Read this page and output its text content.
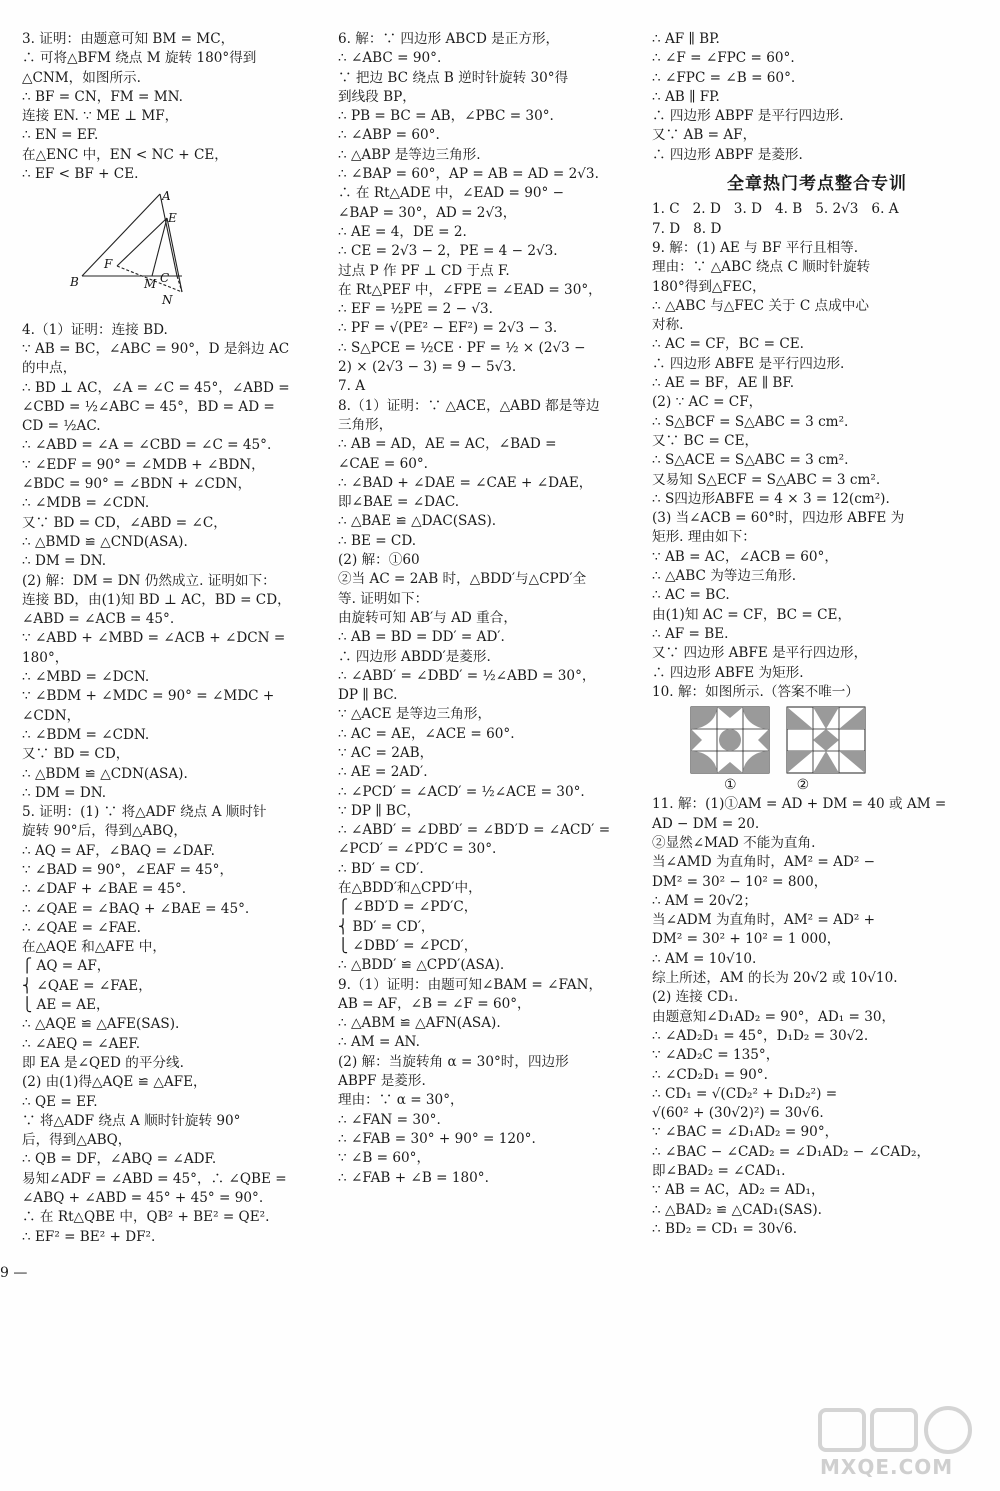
3. 证明：由题意可知 BM = MC，
∴ 可将△BFM 绕点 M 旋转 180°得到
△CNM，如图所示.
∴ BF = CN，FM = MN.
连接 EN. ∵ ME ⊥ MF，
∴ EN = EF.
在△ENC 中，EN < NC + CE，
∴ EF < BF + CE.
A
E
F
B	M C
N
4.（1）证明：连接 BD.
∵ AB = BC，∠ABC = 90°，D 是斜边 AC
的中点，
∴ BD ⊥ AC，∠A = ∠C = 45°，∠ABD =
∠CBD = ½∠ABC = 45°，BD = AD =
CD = ½AC.
∴ ∠ABD = ∠A = ∠CBD = ∠C = 45°.
∵ ∠EDF = 90° = ∠MDB + ∠BDN，
∠BDC = 90° = ∠BDN + ∠CDN，
∴ ∠MDB = ∠CDN.
又∵ BD = CD，∠ABD = ∠C，
∴ △BMD ≌ △CND(ASA).
∴ DM = DN.
(2) 解：DM = DN 仍然成立. 证明如下：
连接 BD，由(1)知 BD ⊥ AC，BD = CD，
∠ABD = ∠ACB = 45°.
∵ ∠ABD + ∠MBD = ∠ACB + ∠DCN =
180°，
∴ ∠MBD = ∠DCN.
∵ ∠BDM + ∠MDC = 90° = ∠MDC +
∠CDN，
∴ ∠BDM = ∠CDN.
又∵ BD = CD，
∴ △BDM ≌ △CDN(ASA).
∴ DM = DN.
5. 证明：(1) ∵ 将△ADF 绕点 A 顺时针
旋转 90°后，得到△ABQ，
∴ AQ = AF，∠BAQ = ∠DAF.
∵ ∠BAD = 90°，∠EAF = 45°，
∴ ∠DAF + ∠BAE = 45°.
∴ ∠QAE = ∠BAQ + ∠BAE = 45°.
∴ ∠QAE = ∠FAE.
在△AQE 和△AFE 中，
⎧ AQ = AF，
⎨ ∠QAE = ∠FAE，
⎩ AE = AE，
∴ △AQE ≌ △AFE(SAS).
∴ ∠AEQ = ∠AEF.
即 EA 是∠QED 的平分线.
(2) 由(1)得△AQE ≌ △AFE，
∴ QE = EF.
∵ 将△ADF 绕点 A 顺时针旋转 90°
后，得到△ABQ，
∴ QB = DF，∠ABQ = ∠ADF.
易知∠ADF = ∠ABD = 45°，∴ ∠QBE =
∠ABQ + ∠ABD = 45° + 45° = 90°.
∴ 在 Rt△QBE 中，QB² + BE² = QE².
∴ EF² = BE² + DF².
6. 解：∵ 四边形 ABCD 是正方形，
∴ ∠ABC = 90°.
∵ 把边 BC 绕点 B 逆时针旋转 30°得
到线段 BP，
∴ PB = BC = AB，∠PBC = 30°.
∴ ∠ABP = 60°.
∴ △ABP 是等边三角形.
∴ ∠BAP = 60°，AP = AB = AD = 2√3.
∴ 在 Rt△ADE 中，∠EAD = 90° −
∠BAP = 30°，AD = 2√3，
∴ AE = 4，DE = 2.
∴ CE = 2√3 − 2，PE = 4 − 2√3.
过点 P 作 PF ⊥ CD 于点 F.
在 Rt△PEF 中，∠FPE = ∠EAD = 30°，
∴ EF = ½PE = 2 − √3.
∴ PF = √(PE² − EF²) = 2√3 − 3.
∴ S△PCE = ½CE · PF = ½ × (2√3 −
2) × (2√3 − 3) = 9 − 5√3.
7. A
8.（1）证明：∵ △ACE，△ABD 都是等边
三角形，
∴ AB = AD，AE = AC，∠BAD =
∠CAE = 60°.
∴ ∠BAD + ∠DAE = ∠CAE + ∠DAE，
即∠BAE = ∠DAC.
∴ △BAE ≌ △DAC(SAS).
∴ BE = CD.
(2) 解：①60
②当 AC = 2AB 时，△BDD′与△CPD′全
等. 证明如下：
由旋转可知 AB′与 AD 重合，
∴ AB = BD = DD′ = AD′.
∴ 四边形 ABDD′是菱形.
∴ ∠ABD′ = ∠DBD′ = ½∠ABD = 30°，
DP ∥ BC.
∵ △ACE 是等边三角形，
∴ AC = AE，∠ACE = 60°.
∵ AC = 2AB，
∴ AE = 2AD′.
∴ ∠PCD′ = ∠ACD′ = ½∠ACE = 30°.
∵ DP ∥ BC，
∴ ∠ABD′ = ∠DBD′ = ∠BD′D = ∠ACD′ =
∠PCD′ = ∠PD′C = 30°.
∴ BD′ = CD′.
在△BDD′和△CPD′中，
⎧ ∠BD′D = ∠PD′C，
⎨ BD′ = CD′，
⎩ ∠DBD′ = ∠PCD′，
∴ △BDD′ ≌ △CPD′(ASA).
9.（1）证明：由题可知∠BAM = ∠FAN，
AB = AF，∠B = ∠F = 60°，
∴ △ABM ≌ △AFN(ASA).
∴ AM = AN.
(2) 解：当旋转角 α = 30°时，四边形
ABPF 是菱形.
理由：∵ α = 30°，
∴ ∠FAN = 30°.
∴ ∠FAB = 30° + 90° = 120°.
∵ ∠B = 60°，
∴ ∠FAB + ∠B = 180°.
∴ AF ∥ BP.
∴ ∠F = ∠FPC = 60°.
∴ ∠FPC = ∠B = 60°.
∴ AB ∥ FP.
∴ 四边形 ABPF 是平行四边形.
又∵ AB = AF，
∴ 四边形 ABPF 是菱形.
全章热门考点整合专训
1. C   2. D   3. D   4. B   5. 2√3   6. A
7. D   8. D
9. 解：(1) AE 与 BF 平行且相等.
理由：∵ △ABC 绕点 C 顺时针旋转
180°得到△FEC，
∴ △ABC 与△FEC 关于 C 点成中心
对称.
∴ AC = CF，BC = CE.
∴ 四边形 ABFE 是平行四边形.
∴ AE = BF，AE ∥ BF.
(2) ∵ AC = CF，
∴ S△BCF = S△ABC = 3 cm².
又∵ BC = CE，
∴ S△ACE = S△ABC = 3 cm².
又易知 S△ECF = S△ABC = 3 cm².
∴ S四边形ABFE = 4 × 3 = 12(cm²).
(3) 当∠ACB = 60°时，四边形 ABFE 为
矩形. 理由如下：
∵ AB = AC，∠ACB = 60°，
∴ △ABC 为等边三角形.
∴ AC = BC.
由(1)知 AC = CF，BC = CE，
∴ AF = BE.
又∵ 四边形 ABFE 是平行四边形，
∴ 四边形 ABFE 为矩形.
10. 解：如图所示.（答案不唯一）
①	②
11. 解：(1)①AM = AD + DM = 40 或 AM =
AD − DM = 20.
②显然∠MAD 不能为直角.
当∠AMD 为直角时，AM² = AD² −
DM² = 30² − 10² = 800，
∴ AM = 20√2；
当∠ADM 为直角时，AM² = AD² +
DM² = 30² + 10² = 1 000，
∴ AM = 10√10.
综上所述，AM 的长为 20√2 或 10√10.
(2) 连接 CD₁.
由题意知∠D₁AD₂ = 90°，AD₁ = 30，
∴ ∠AD₂D₁ = 45°，D₁D₂ = 30√2.
∵ ∠AD₂C = 135°，
∴ ∠CD₂D₁ = 90°.
∴ CD₁ = √(CD₂² + D₁D₂²) =
√(60² + (30√2)²) = 30√6.
∵ ∠BAC = ∠D₁AD₂ = 90°，
∴ ∠BAC − ∠CAD₂ = ∠D₁AD₂ − ∠CAD₂，
即∠BAD₂ = ∠CAD₁.
∵ AB = AC，AD₂ = AD₁，
∴ △BAD₂ ≌ △CAD₁(SAS).
∴ BD₂ = CD₁ = 30√6.
9 —
MXQE.COM
